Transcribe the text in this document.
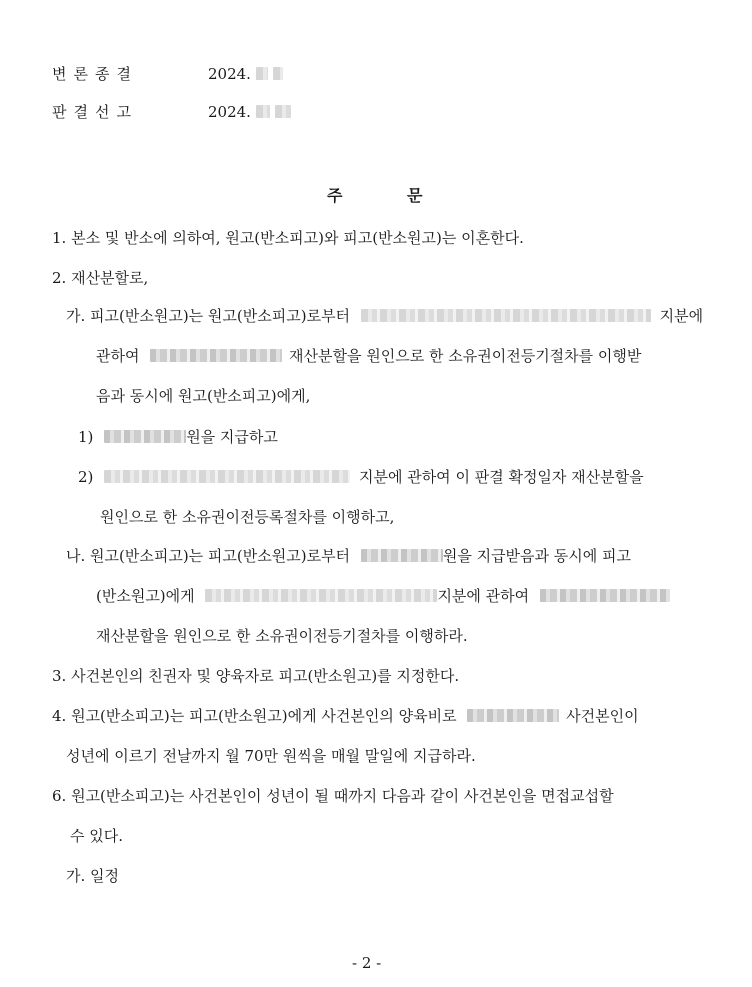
변론종결	2024.
판결선고	2024.
주	문
1. 본소 및 반소에 의하여, 원고(반소피고)와 피고(반소원고)는 이혼한다.
2. 재산분할로,
가. 피고(반소원고)는 원고(반소피고)로부터	지분에
관하여	재산분할을 원인으로 한 소유권이전등기절차를 이행받
음과 동시에 원고(반소피고)에게,
1)	원을 지급하고
2)	지분에 관하여 이 판결 확정일자 재산분할을
원인으로 한 소유권이전등록절차를 이행하고,
나. 원고(반소피고)는 피고(반소원고)로부터	원을 지급받음과 동시에 피고
(반소원고)에게	지분에 관하여
재산분할을 원인으로 한 소유권이전등기절차를 이행하라.
3. 사건본인의 친권자 및 양육자로 피고(반소원고)를 지정한다.
4. 원고(반소피고)는 피고(반소원고)에게 사건본인의 양육비로	사건본인이
성년에 이르기 전날까지 월 70만 원씩을 매월 말일에 지급하라.
6. 원고(반소피고)는 사건본인이 성년이 될 때까지 다음과 같이 사건본인을 면접교섭할
수 있다.
가. 일정
- 2 -
